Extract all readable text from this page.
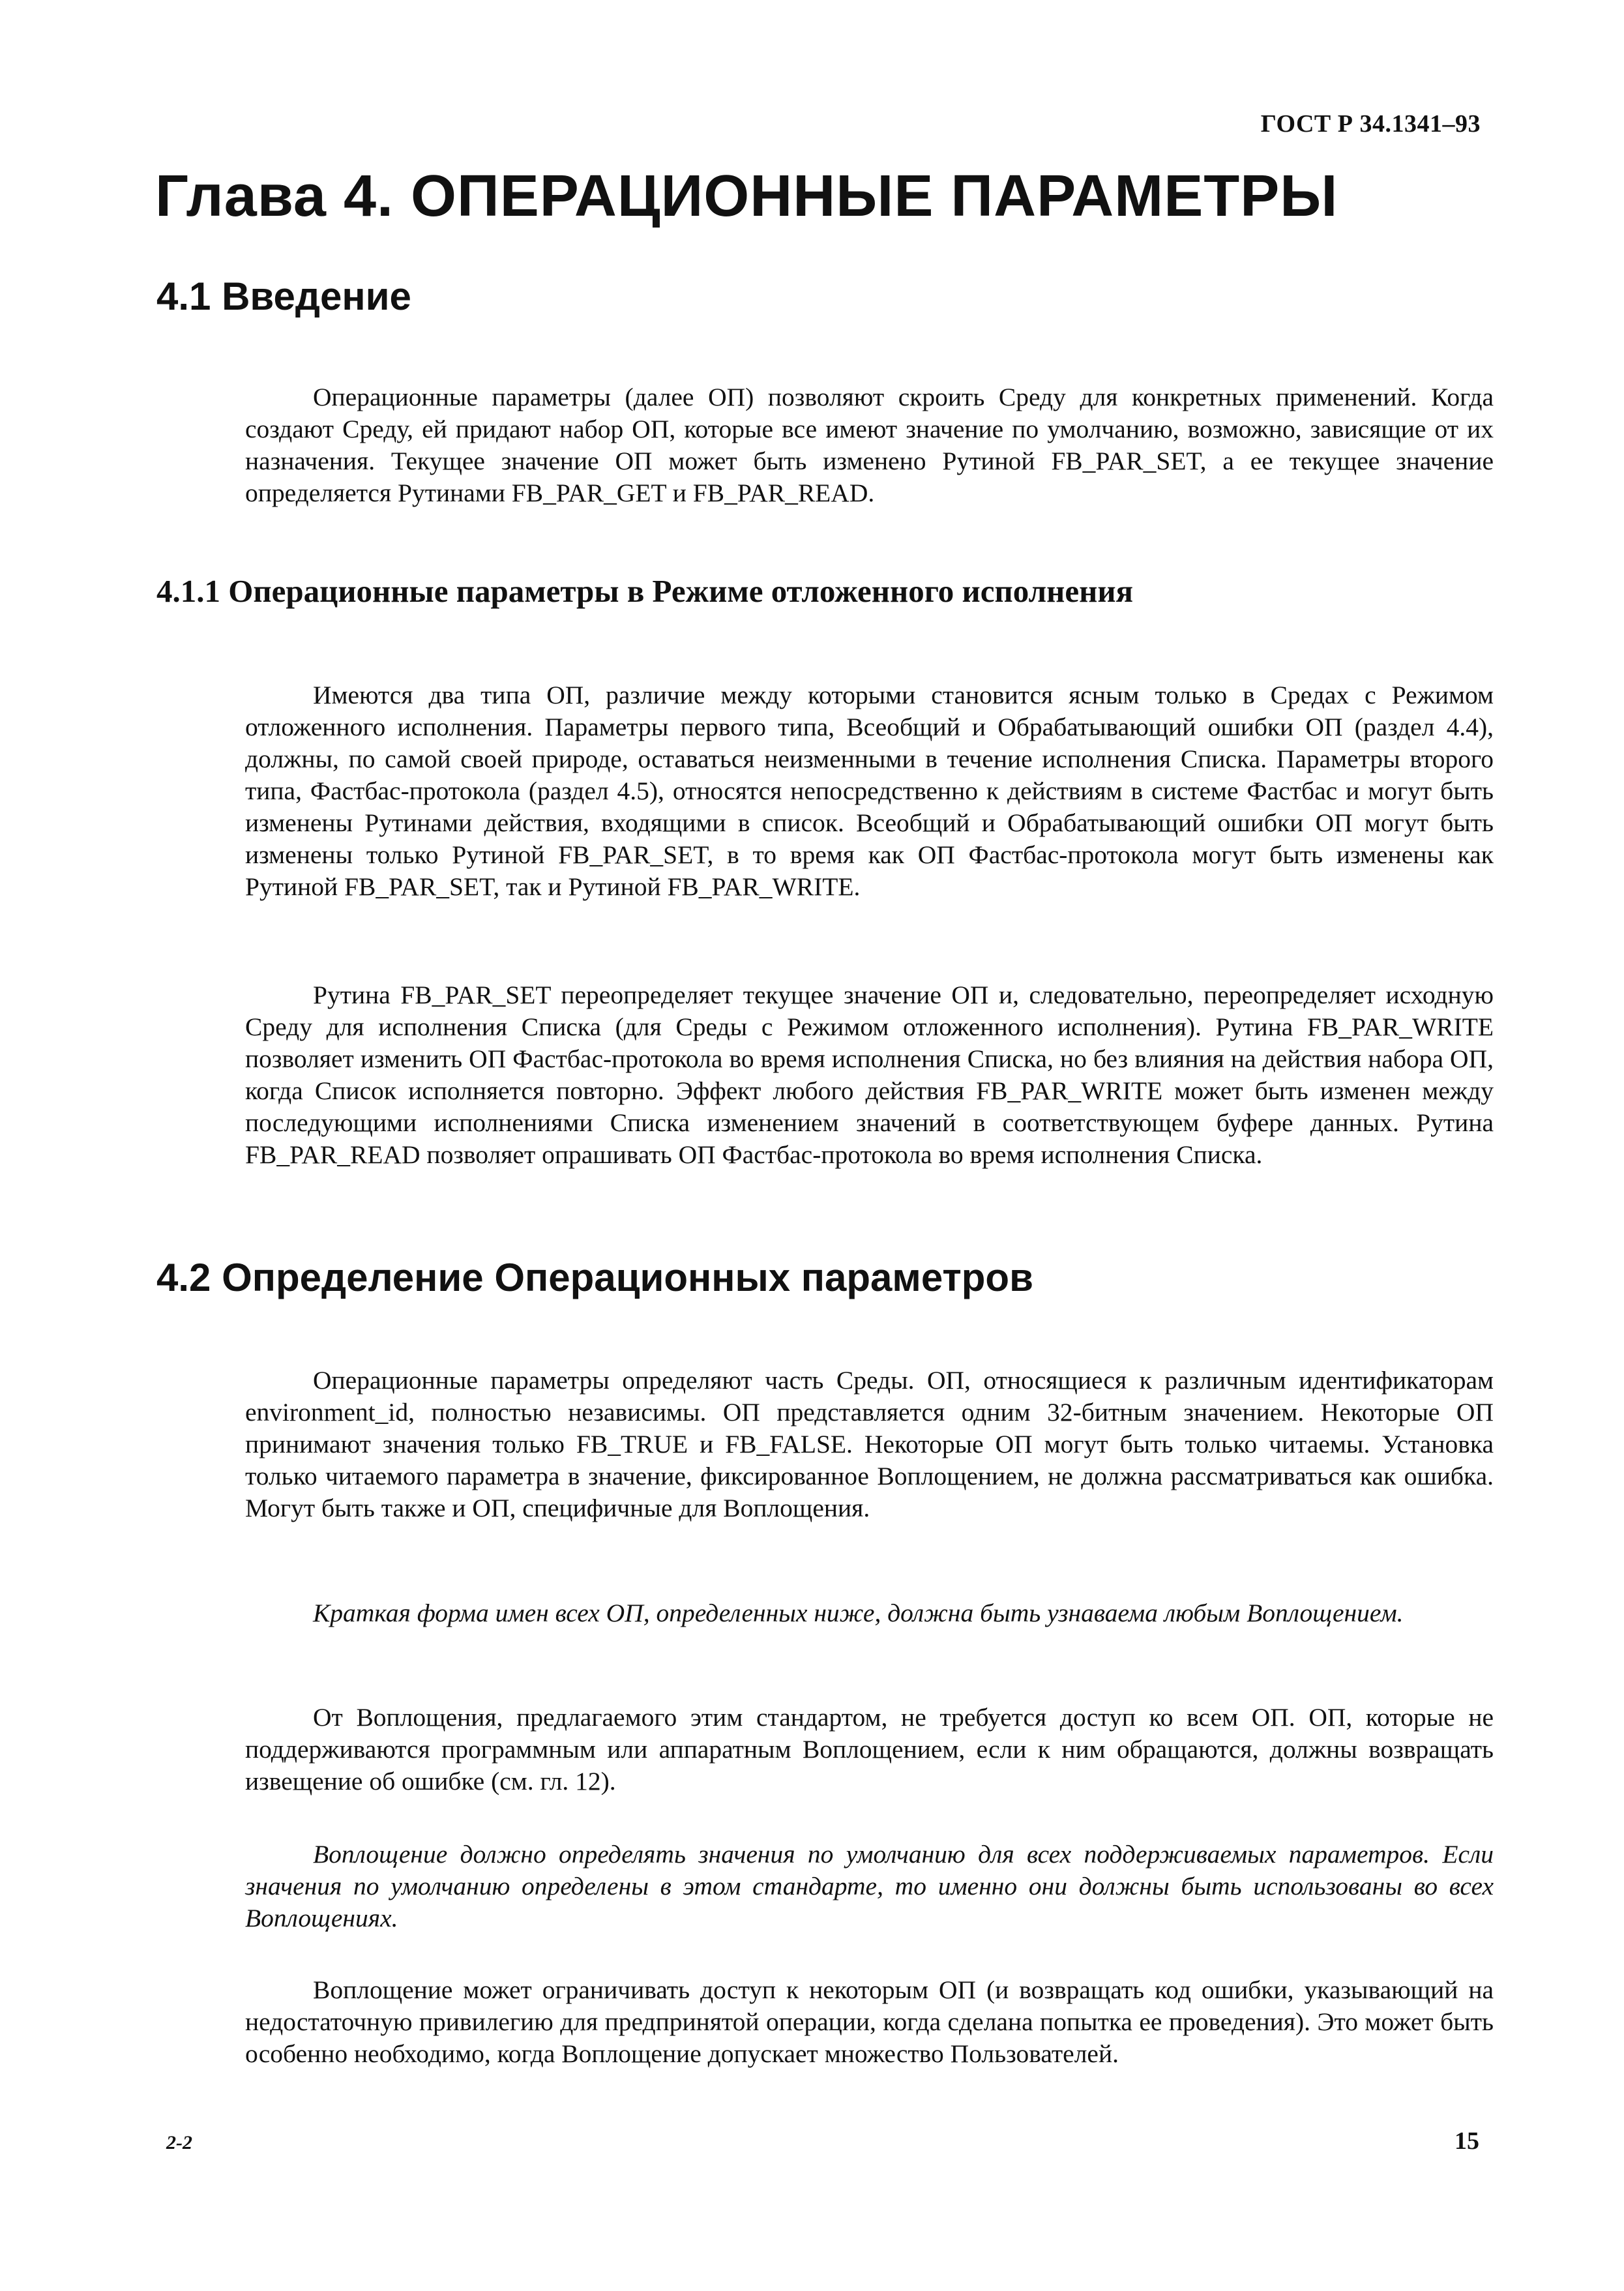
ГОСТ Р 34.1341–93
Глава 4. ОПЕРАЦИОННЫЕ ПАРАМЕТРЫ
4.1 Введение

Операционные параметры (далее ОП) позволяют скроить Среду для конкретных применений. Когда создают Среду, ей придают набор ОП, которые все имеют значение по умолчанию, возможно, зависящие от их назначения. Текущее значение ОП может быть изменено Рутиной FB_PAR_SET, а ее текущее значение определяется Рутинами FB_PAR_GET и FB_PAR_READ.

4.1.1 Операционные параметры в Режиме отложенного исполнения

Имеются два типа ОП, различие между которыми становится ясным только в Средах с Режимом отложенного исполнения. Параметры первого типа, Всеобщий и Обрабатывающий ошибки ОП (раздел 4.4), должны, по самой своей природе, оставаться неизменными в течение исполнения Списка. Параметры второго типа, Фастбас-протокола (раздел 4.5), относятся непосредственно к действиям в системе Фастбас и могут быть изменены Рутинами действия, входящими в список. Всеобщий и Обрабатывающий ошибки ОП могут быть изменены только Рутиной FB_PAR_SET, в то время как ОП Фастбас-протокола могут быть изменены как Рутиной FB_PAR_SET, так и Рутиной FB_PAR_WRITE.

Рутина FB_PAR_SET переопределяет текущее значение ОП и, следовательно, переопределяет исходную Среду для исполнения Списка (для Среды с Режимом отложенного исполнения). Рутина FB_PAR_WRITE позволяет изменить ОП Фастбас-протокола во время исполнения Списка, но без влияния на действия набора ОП, когда Список исполняется повторно. Эффект любого действия FB_PAR_WRITE может быть изменен между последующими исполнениями Списка изменением значений в соответствующем буфере данных. Рутина FB_PAR_READ позволяет опрашивать ОП Фастбас-протокола во время исполнения Списка.

4.2 Определение Операционных параметров

Операционные параметры определяют часть Среды. ОП, относящиеся к различным идентификаторам environment_id, полностью независимы. ОП представляется одним 32-битным значением. Некоторые ОП принимают значения только FB_TRUE и FB_FALSE. Некоторые ОП могут быть только читаемы. Установка только читаемого параметра в значение, фиксированное Воплощением, не должна рассматриваться как ошибка. Могут быть также и ОП, специфичные для Воплощения.

Краткая форма имен всех ОП, определенных ниже, должна быть узнаваема любым Воплощением.

От Воплощения, предлагаемого этим стандартом, не требуется доступ ко всем ОП. ОП, которые не поддерживаются программным или аппаратным Воплощением, если к ним обращаются, должны возвращать извещение об ошибке (см. гл. 12).

Воплощение должно определять значения по умолчанию для всех поддерживаемых параметров. Если значения по умолчанию определены в этом стандарте, то именно они должны быть использованы во всех Воплощениях.

Воплощение может ограничивать доступ к некоторым ОП (и возвращать код ошибки, указывающий на недостаточную привилегию для предпринятой операции, когда сделана попытка ее проведения). Это может быть особенно необходимо, когда Воплощение допускает множество Пользователей.

2-2	15
